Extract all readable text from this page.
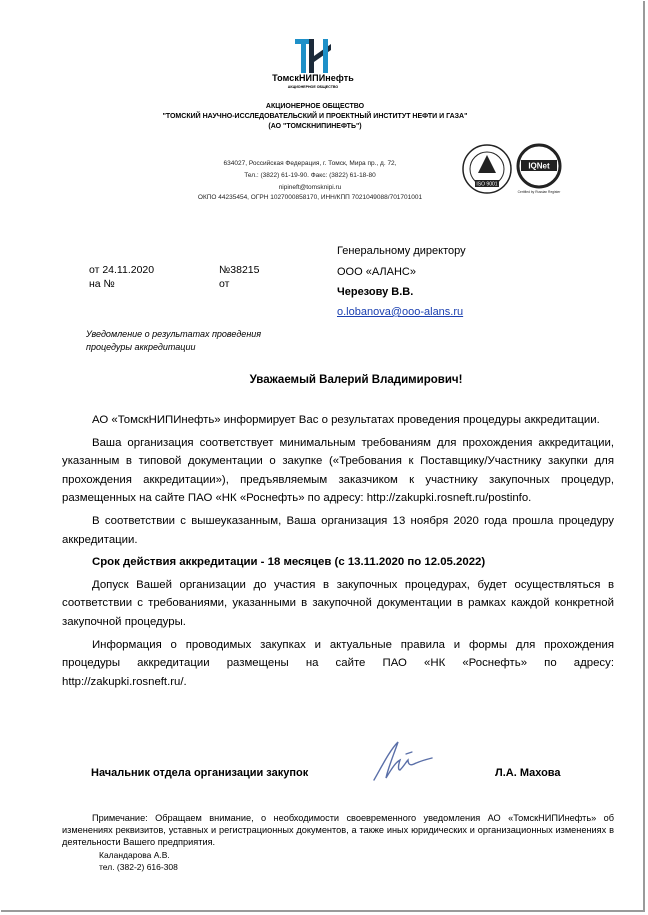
ТомскНИПИнефть
АКЦИОНЕРНОЕ ОБЩЕСТВО
АКЦИОНЕРНОЕ ОБЩЕСТВО
"ТОМСКИЙ НАУЧНО-ИССЛЕДОВАТЕЛЬСКИЙ И ПРОЕКТНЫЙ ИНСТИТУТ НЕФТИ И ГАЗА"
(АО "ТОМСКНИПИНЕФТЬ")
634027, Российская Федерация, г. Томск, Мира пр., д. 72,
Тел.: (3822) 61-19-90. Факс: (3822) 61-18-80
nipineft@tomsknipi.ru
ОКПО 44235454, ОГРН 1027000858170, ИНН/КПП 7021049088/701701001
ISO 9001
IQNet
Certified by Russian Register
от 24.11.2020	№38215
на №	от
Генеральному директору
ООО «АЛАНС»
Черезову В.В.
o.lobanova@ooo-alans.ru
Уведомление о результатах проведения процедуры аккредитации
Уважаемый Валерий Владимирович!

АО «ТомскНИПИнефть» информирует Вас о результатах проведения процедуры аккредитации.

Ваша организация соответствует минимальным требованиям для прохождения аккредитации, указанным в типовой документации о закупке («Требования к Поставщику/Участнику закупки для прохождения аккредитации»), предъявляемым заказчиком к участнику закупочных процедур, размещенных на сайте ПАО «НК «Роснефть» по адресу: http://zakupki.rosneft.ru/postinfo.

В соответствии с вышеуказанным, Ваша организация 13 ноября 2020 года прошла процедуру аккредитации.

Срок действия аккредитации - 18 месяцев (с 13.11.2020 по 12.05.2022)

Допуск Вашей организации до участия в закупочных процедурах, будет осуществляться в соответствии с требованиями, указанными в закупочной документации в рамках каждой конкретной закупочной процедуры.

Информация о проводимых закупках и актуальные правила и формы для прохождения процедуры аккредитации размещены на сайте ПАО «НК «Роснефть» по адресу: http://zakupki.rosneft.ru/.

Начальник отдела организации закупок	Л.А. Махова

Примечание: Обращаем внимание, о необходимости своевременного уведомления АО «ТомскНИПИнефть» об изменениях реквизитов, уставных и регистрационных документов, а также иных юридических и организационных изменениях в деятельности Вашего предприятия.

Каландарова А.В.
тел. (382-2) 616-308
